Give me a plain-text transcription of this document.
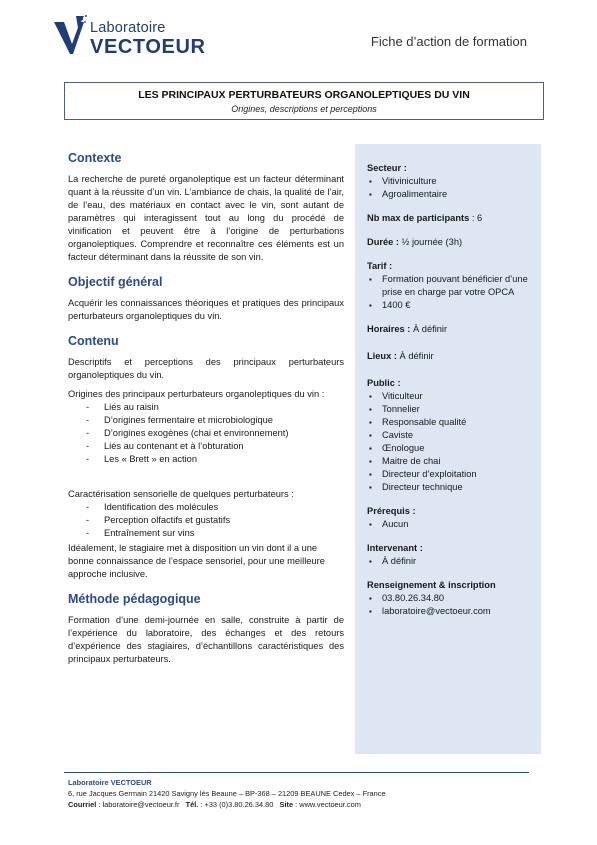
Laboratoire
VECTOEUR	Fiche d’action de formation
LES PRINCIPAUX PERTURBATEURS ORGANOLEPTIQUES DU VIN
Origines, descriptions et perceptions
Contexte

La recherche de pureté organoleptique est un facteur déterminant quant à la réussite d’un vin. L’ambiance de chais, la qualité de l’air, de l’eau, des matériaux en contact avec le vin, sont autant de paramètres qui interagissent tout au long du procédé de vinification et peuvent être à l’origine de perturbations organoleptiques. Comprendre et reconnaître ces éléments est un facteur déterminant dans la réussite de son vin.

Objectif général

Acquérir les connaissances théoriques et pratiques des principaux perturbateurs organoleptiques du vin.

Contenu

Descriptifs et perceptions des principaux perturbateurs organoleptiques du vin.

Origines des principaux perturbateurs organoleptiques du vin :

- Liés au raisin
- D’origines fermentaire et microbiologique
- D’origines exogènes (chai et environnement)
- Liés au contenant et à l’obturation
- Les « Brett » en action

Caractérisation sensorielle de quelques perturbateurs :

- Identification des molécules
- Perception olfactifs et gustatifs
- Entraînement sur vins

Idéalement, le stagiaire met à disposition un vin dont il a une bonne connaissance de l’espace sensoriel, pour une meilleure approche inclusive.

Méthode pédagogique

Formation d’une demi-journée en salle, construite à partir de l’expérience du laboratoire, des échanges et des retours d’expérience des stagiaires, d’échantillons caractéristiques des principaux perturbateurs.

Secteur :
▪ Vitiviniculture
▪ Agroalimentaire
Nb max de participants : 6
Durée : ½ journée (3h)
Tarif :
▪ Formation pouvant bénéficier d’une prise en charge par votre OPCA
▪ 1400 €
Horaires : À définir
Lieux : À définir
Public :
▪ Viticulteur
▪ Tonnelier
▪ Responsable qualité
▪ Caviste
▪ Œnologue
▪ Maitre de chai
▪ Directeur d’exploitation
▪ Directeur technique
Prérequis :
▪ Aucun
Intervenant :
▪ À définir
Renseignement & inscription
▪ 03.80.26.34.80
▪ laboratoire@vectoeur.com
Laboratoire VECTOEUR
6, rue Jacques Germain 21420 Savigny lès Beaune – BP-368 – 21209 BEAUNE Cedex – France
Courriel : laboratoire@vectoeur.fr Tél. : +33 (0)3.80.26.34.80 Site : www.vectoeur.com
